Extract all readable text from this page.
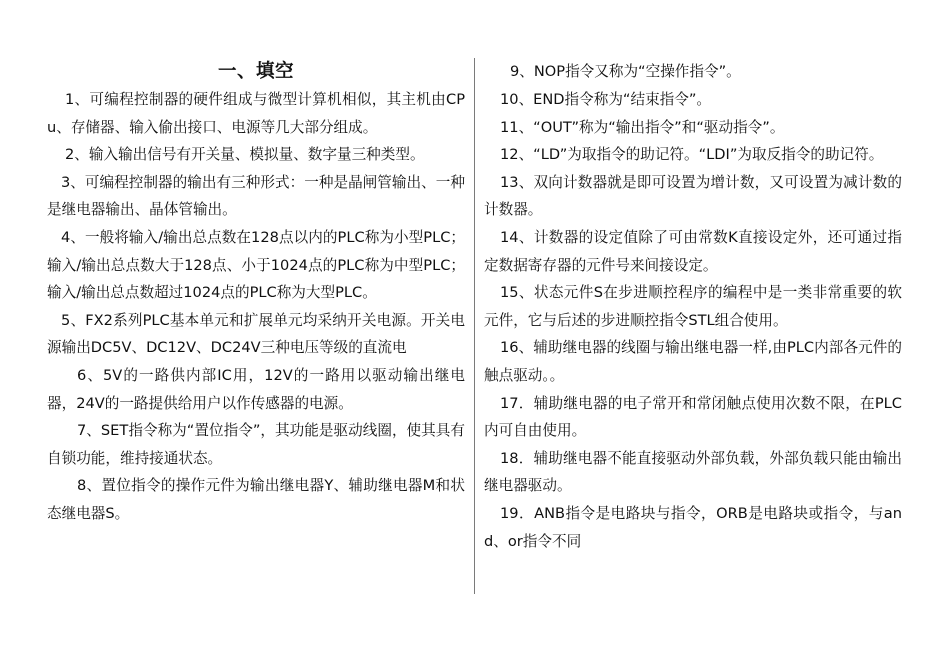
一、填空

1、可编程控制器的硬件组成与微型计算机相似，其主机由CPu、存储器、输入偷出接口、电源等几大部分组成。

2、输入输出信号有开关量、模拟量、数字量三种类型。

3、可编程控制器的输出有三种形式：一种是晶闸管输出、一种是继电器输出、晶体管输出。

4、一般将输入/输出总点数在128点以内的PLC称为小型PLC；输入/输出总点数大于128点、小于1024点的PLC称为中型PLC；输入/输出总点数超过1024点的PLC称为大型PLC。

5、FX2系列PLC基本单元和扩展单元均采纳开关电源。开关电源输出DC5V、DC12V、DC24V三种电压等级的直流电

6、5V的一路供内部IC用，12V的一路用以驱动输出继电器，24V的一路提供给用户以作传感器的电源。

7、SET指令称为“置位指令”，其功能是驱动线圈，使其具有自锁功能，维持接通状态。

8、置位指令的操作元件为输出继电器Y、辅助继电器M和状态继电器S。

9、NOP指令又称为“空操作指令”。

10、END指令称为“结束指令”。

11、“OUT”称为“输出指令”和“驱动指令”。

12、“LD”为取指令的助记符。“LDI”为取反指令的助记符。

13、双向计数器就是即可设置为增计数，又可设置为减计数的计数器。

14、计数器的设定值除了可由常数K直接设定外，还可通过指定数据寄存器的元件号来间接设定。

15、状态元件S在步进顺控程序的编程中是一类非常重要的软元件，它与后述的步进顺控指令STL组合使用。

16、辅助继电器的线圈与输出继电器一样,由PLC内部各元件的触点驱动。。

17．辅助继电器的电子常开和常闭触点使用次数不限，在PLC内可自由使用。

18．辅助继电器不能直接驱动外部负载，外部负载只能由输出继电器驱动。

19．ANB指令是电路块与指令，ORB是电路块或指令，与and、or指令不同
